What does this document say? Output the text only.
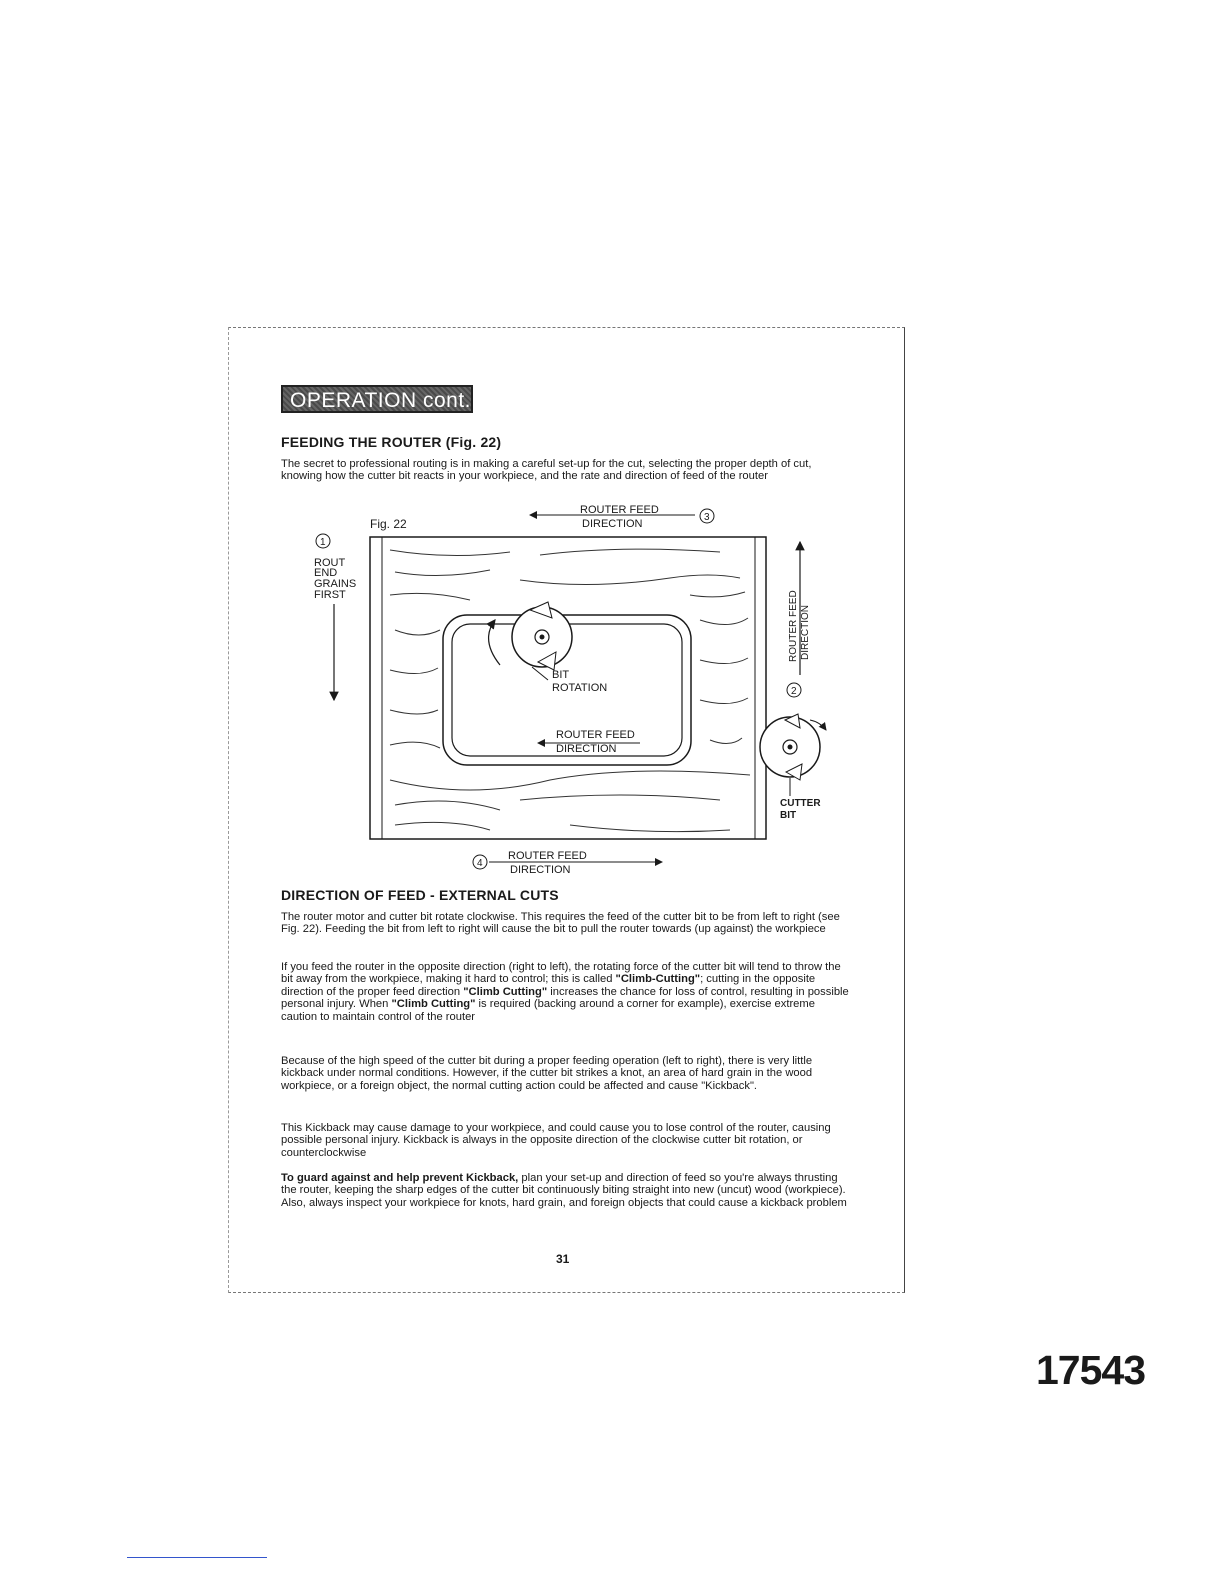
OPERATION cont.
FEEDING THE ROUTER (Fig. 22)

The secret to professional routing is in making a careful set-up for the cut, selecting the proper depth of cut, knowing how the cutter bit reacts in your workpiece, and the rate and direction of feed of the router

Fig. 22
1
ROUT
END
GRAINS
FIRST
ROUTER FEED
DIRECTION
3
BIT
ROTATION
ROUTER FEED
DIRECTION
ROUTER FEED DIRECTION
2
CUTTER
BIT
4
ROUTER FEED
DIRECTION
DIRECTION OF FEED - EXTERNAL CUTS

The router motor and cutter bit rotate clockwise. This requires the feed of the cutter bit to be from left to right (see Fig. 22). Feeding the bit from left to right will cause the bit to pull the router towards (up against) the workpiece

If you feed the router in the opposite direction (right to left), the rotating force of the cutter bit will tend to throw the bit away from the workpiece, making it hard to control; this is called "Climb-Cutting"; cutting in the opposite direction of the proper feed direction "Climb Cutting" increases the chance for loss of control, resulting in possible personal injury. When "Climb Cutting" is required (backing around a corner for example), exercise extreme caution to maintain control of the router

Because of the high speed of the cutter bit during a proper feeding operation (left to right), there is very little kickback under normal conditions. However, if the cutter bit strikes a knot, an area of hard grain in the wood workpiece, or a foreign object, the normal cutting action could be affected and cause "Kickback".

This Kickback may cause damage to your workpiece, and could cause you to lose control of the router, causing possible personal injury. Kickback is always in the opposite direction of the clockwise cutter bit rotation, or counterclockwise

To guard against and help prevent Kickback, plan your set-up and direction of feed so you're always thrusting the router, keeping the sharp edges of the cutter bit continuously biting straight into new (uncut) wood (workpiece). Also, always inspect your workpiece for knots, hard grain, and foreign objects that could cause a kickback problem

31
17543
